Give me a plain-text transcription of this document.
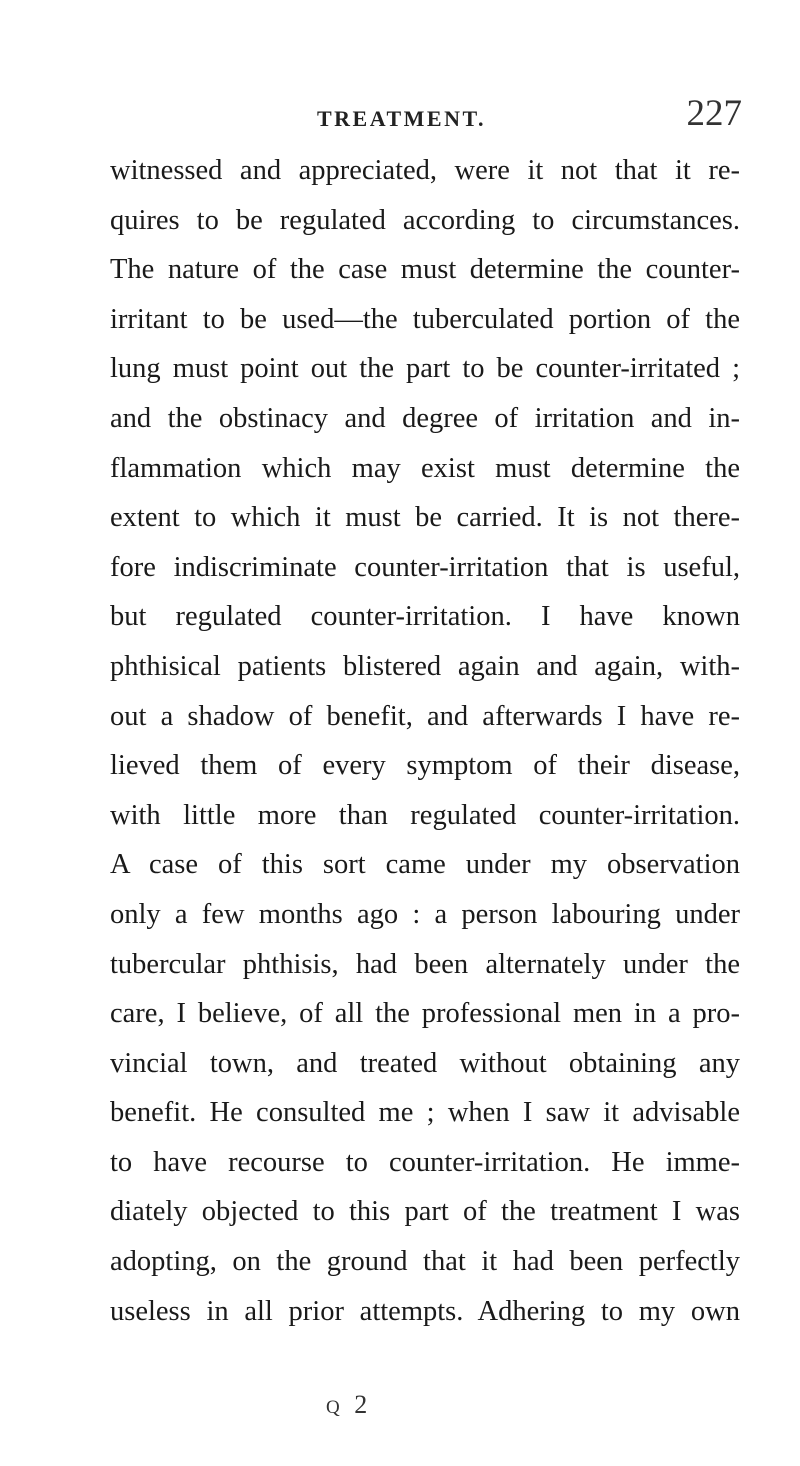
TREATMENT.	227
witnessed and appreciated, were it not that it re-
quires to be regulated according to circumstances.
The nature of the case must determine the counter-
irritant to be used—the tuberculated portion of the
lung must point out the part to be counter-irritated ;
and the obstinacy and degree of irritation and in-
flammation which may exist must determine the
extent to which it must be carried. It is not there-
fore indiscriminate counter-irritation that is useful,
but regulated counter-irritation. I have known
phthisical patients blistered again and again, with-
out a shadow of benefit, and afterwards I have re-
lieved them of every symptom of their disease,
with little more than regulated counter-irritation.
A case of this sort came under my observation
only a few months ago : a person labouring under
tubercular phthisis, had been alternately under the
care, I believe, of all the professional men in a pro-
vincial town, and treated without obtaining any
benefit. He consulted me ; when I saw it advisable
to have recourse to counter-irritation. He imme-
diately objected to this part of the treatment I was
adopting, on the ground that it had been perfectly
useless in all prior attempts. Adhering to my own
Q 2
